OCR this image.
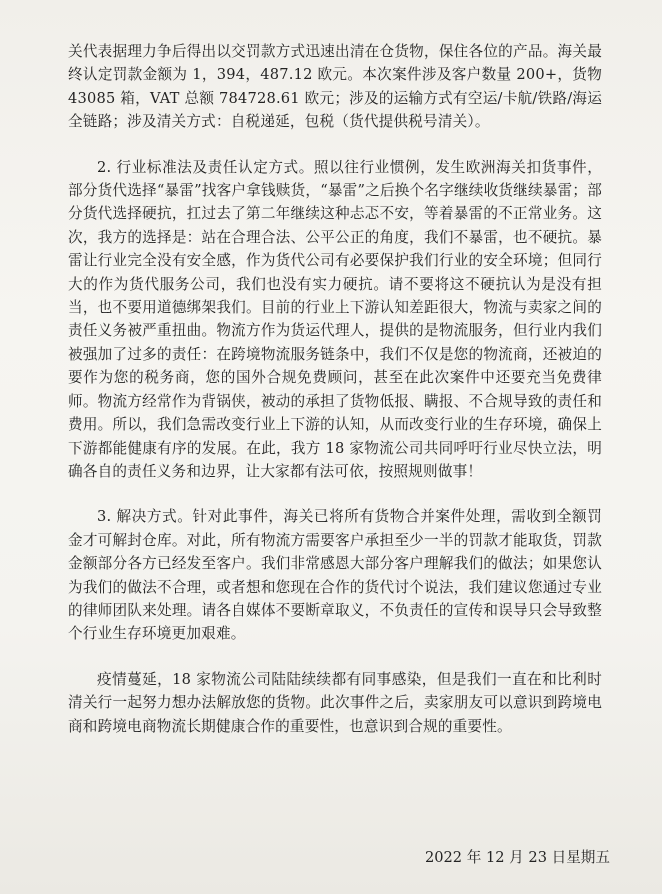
关代表据理力争后得出以交罚款方式迅速出清在仓货物，保住各位的产品。海关最终认定罚款金额为 1，394，487.12 欧元。本次案件涉及客户数量 200+，货物 43085 箱，VAT 总额 784728.61 欧元；涉及的运输方式有空运/卡航/铁路/海运全链路；涉及清关方式：自税递延，包税（货代提供税号清关）。

2. 行业标准法及责任认定方式。照以往行业惯例，发生欧洲海关扣货事件，部分货代选择“暴雷”找客户拿钱赎货，“暴雷”之后换个名字继续收货继续暴雷；部分货代选择硬抗，扛过去了第二年继续这种忐忑不安，等着暴雷的不正常业务。这次，我方的选择是：站在合理合法、公平公正的角度，我们不暴雷，也不硬抗。暴雷让行业完全没有安全感，作为货代公司有必要保护我们行业的安全环境；但同行大的作为货代服务公司，我们也没有实力硬抗。请不要将这不硬抗认为是没有担当，也不要用道德绑架我们。目前的行业上下游认知差距很大，物流与卖家之间的责任义务被严重扭曲。物流方作为货运代理人，提供的是物流服务，但行业内我们被强加了过多的责任：在跨境物流服务链条中，我们不仅是您的物流商，还被迫的要作为您的税务商，您的国外合规免费顾问，甚至在此次案件中还要充当免费律师。物流方经常作为背锅侠，被动的承担了货物低报、瞒报、不合规导致的责任和费用。所以，我们急需改变行业上下游的认知，从而改变行业的生存环境，确保上下游都能健康有序的发展。在此，我方 18 家物流公司共同呼吁行业尽快立法，明确各自的责任义务和边界，让大家都有法可依，按照规则做事！

3. 解决方式。针对此事件，海关已将所有货物合并案件处理，需收到全额罚金才可解封仓库。对此，所有物流方需要客户承担至少一半的罚款才能取货，罚款金额部分各方已经发至客户。我们非常感恩大部分客户理解我们的做法；如果您认为我们的做法不合理，或者想和您现在合作的货代讨个说法，我们建议您通过专业的律师团队来处理。请各自媒体不要断章取义，不负责任的宣传和误导只会导致整个行业生存环境更加艰难。

疫情蔓延，18 家物流公司陆陆续续都有同事感染，但是我们一直在和比利时清关行一起努力想办法解放您的货物。此次事件之后，卖家朋友可以意识到跨境电商和跨境电商物流长期健康合作的重要性，也意识到合规的重要性。

2022 年 12 月 23 日星期五
